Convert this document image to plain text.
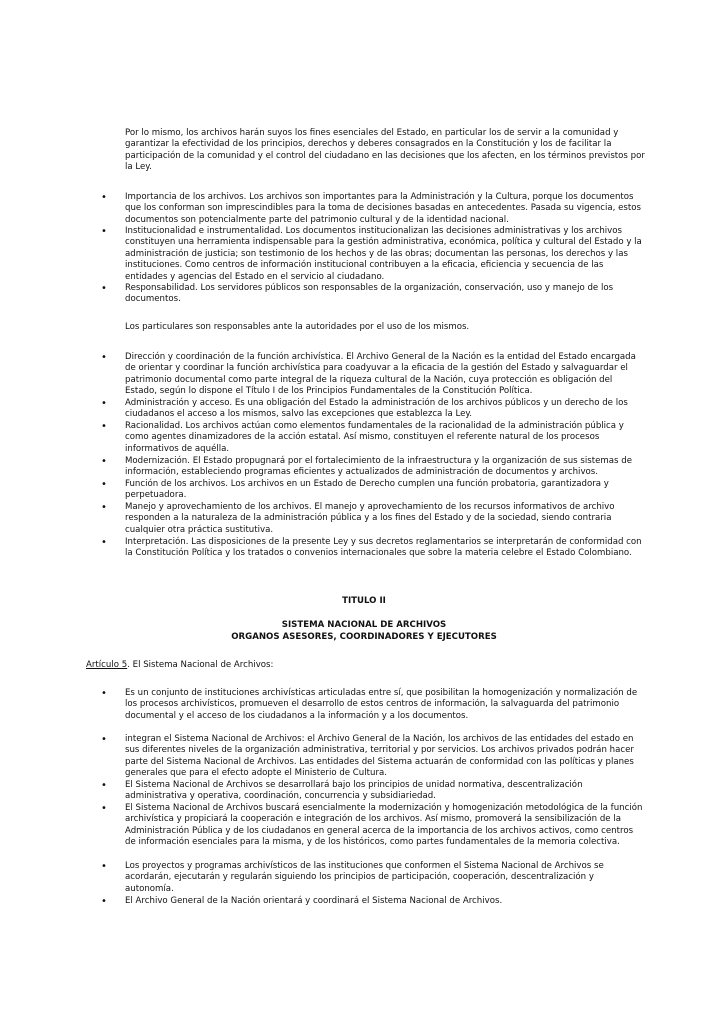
Por lo mismo, los archivos harán suyos los fines esenciales del Estado, en particular los de servir a la comunidad y garantizar la efectividad de los principios, derechos y deberes consagrados en la Constitución y los de facilitar la participación de la comunidad y el control del ciudadano en las decisiones que los afecten, en los términos previstos por la Ley.

• Importancia de los archivos. Los archivos son importantes para la Administración y la Cultura, porque los documentos que los conforman son imprescindibles para la toma de decisiones basadas en antecedentes. Pasada su vigencia, estos documentos son potencialmente parte del patrimonio cultural y de la identidad nacional.
• Institucionalidad e instrumentalidad. Los documentos institucionalizan las decisiones administrativas y los archivos constituyen una herramienta indispensable para la gestión administrativa, económica, política y cultural del Estado y la administración de justicia; son testimonio de los hechos y de las obras; documentan las personas, los derechos y las instituciones. Como centros de información institucional contribuyen a la eficacia, eficiencia y secuencia de las entidades y agencias del Estado en el servicio al ciudadano.
• Responsabilidad. Los servidores públicos son responsables de la organización, conservación, uso y manejo de los documentos.

Los particulares son responsables ante la autoridades por el uso de los mismos.

• Dirección y coordinación de la función archivística. El Archivo General de la Nación es la entidad del Estado encargada de orientar y coordinar la función archivística para coadyuvar a la eficacia de la gestión del Estado y salvaguardar el patrimonio documental como parte integral de la riqueza cultural de la Nación, cuya protección es obligación del Estado, según lo dispone el Título I de los Principios Fundamentales de la Constitución Política.
• Administración y acceso. Es una obligación del Estado la administración de los archivos públicos y un derecho de los ciudadanos el acceso a los mismos, salvo las excepciones que establezca la Ley.
• Racionalidad. Los archivos actúan como elementos fundamentales de la racionalidad de la administración pública y como agentes dinamizadores de la acción estatal. Así mismo, constituyen el referente natural de los procesos informativos de aquélla.
• Modernización. El Estado propugnará por el fortalecimiento de la infraestructura y la organización de sus sistemas de información, estableciendo programas eficientes y actualizados de administración de documentos y archivos.
• Función de los archivos. Los archivos en un Estado de Derecho cumplen una función probatoria, garantizadora y perpetuadora.
• Manejo y aprovechamiento de los archivos. El manejo y aprovechamiento de los recursos informativos de archivo responden a la naturaleza de la administración pública y a los fines del Estado y de la sociedad, siendo contraria cualquier otra práctica sustitutiva.
• Interpretación. Las disposiciones de la presente Ley y sus decretos reglamentarios se interpretarán de conformidad con la Constitución Política y los tratados o convenios internacionales que sobre la materia celebre el Estado Colombiano.

TITULO II

SISTEMA NACIONAL DE ARCHIVOS

ORGANOS ASESORES, COORDINADORES Y EJECUTORES

Artículo 5. El Sistema Nacional de Archivos:

• Es un conjunto de instituciones archivísticas articuladas entre sí, que posibilitan la homogenización y normalización de los procesos archivísticos, promueven el desarrollo de estos centros de información, la salvaguarda del patrimonio documental y el acceso de los ciudadanos a la información y a los documentos.
• integran el Sistema Nacional de Archivos: el Archivo General de la Nación, los archivos de las entidades del estado en sus diferentes niveles de la organización administrativa, territorial y por servicios. Los archivos privados podrán hacer parte del Sistema Nacional de Archivos. Las entidades del Sistema actuarán de conformidad con las políticas y planes generales que para el efecto adopte el Ministerio de Cultura.
• El Sistema Nacional de Archivos se desarrollará bajo los principios de unidad normativa, descentralización administrativa y operativa, coordinación, concurrencia y subsidiariedad.
• El Sistema Nacional de Archivos buscará esencialmente la modernización y homogenización metodológica de la función archivística y propiciará la cooperación e integración de los archivos. Así mismo, promoverá la sensibilización de la Administración Pública y de los ciudadanos en general acerca de la importancia de los archivos activos, como centros de información esenciales para la misma, y de los históricos, como partes fundamentales de la memoria colectiva.
• Los proyectos y programas archivísticos de las instituciones que conformen el Sistema Nacional de Archivos se acordarán, ejecutarán y regularán siguiendo los principios de participación, cooperación, descentralización y autonomía.
• El Archivo General de la Nación orientará y coordinará el Sistema Nacional de Archivos.
